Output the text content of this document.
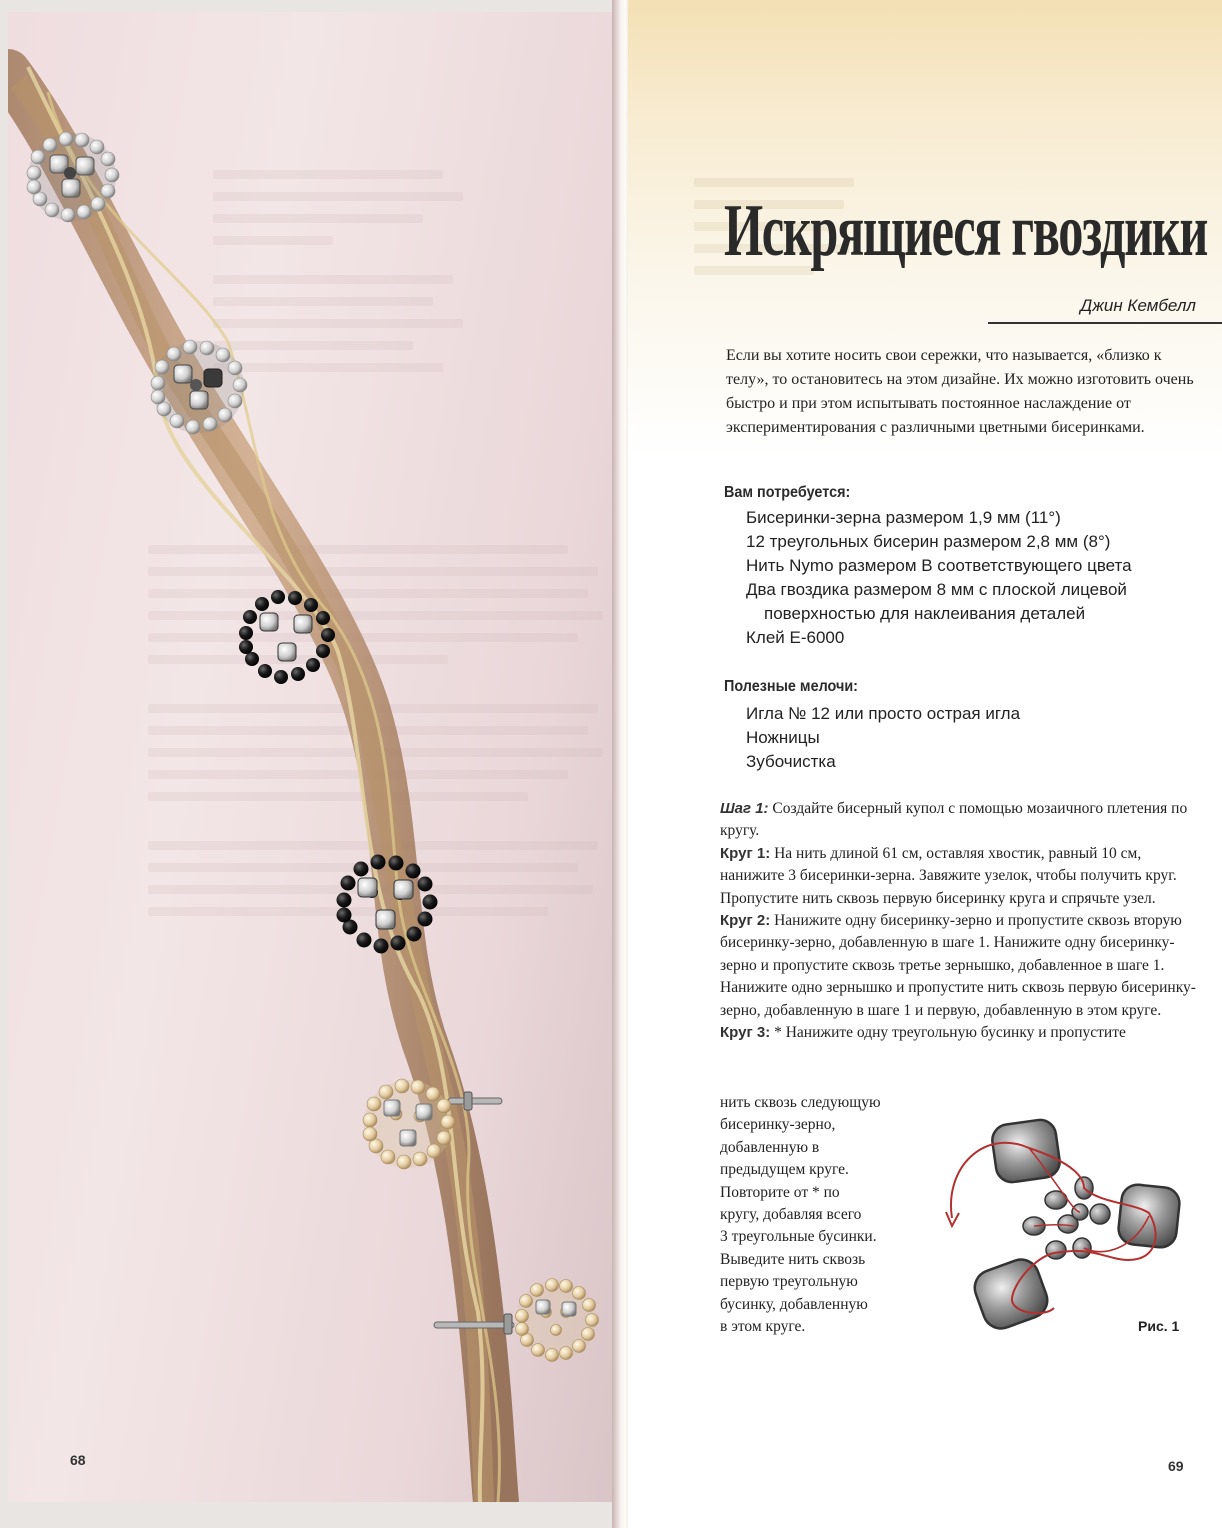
68
Искрящиеся гвоздики
Джин Кембелл

Если вы хотите носить свои сережки, что называется, «близко к телу», то остановитесь на этом дизайне. Их можно изготовить очень быстро и при этом испытывать постоянное наслаждение от экспериментирования с различными цветными бисеринками.

Вам потребуется:
Бисеринки-зерна размером 1,9 мм (11°)
12 треугольных бисерин размером 2,8 мм (8°)
Нить Nymo размером B соответствующего цвета
Два гвоздика размером 8 мм с плоской лицевой
поверхностью для наклеивания деталей
Клей E-6000
Полезные мелочи:
Игла № 12 или просто острая игла
Ножницы
Зубочистка

Шаг 1: Создайте бисерный купол с помощью мозаичного плетения по кругу.

Круг 1: На нить длиной 61 см, оставляя хвостик, равный 10 см, нанижите 3 бисеринки-зерна. Завяжите узелок, чтобы получить круг. Пропустите нить сквозь первую бисеринку круга и спрячьте узел.

Круг 2: Нанижите одну бисеринку-зерно и пропустите сквозь вторую бисеринку-зерно, добавленную в шаге 1. Нанижите одну бисеринку-зерно и пропустите сквозь третье зернышко, добавленное в шаге 1. Нанижите одно зернышко и пропустите нить сквозь первую бисеринку-зерно, добавленную в шаге 1 и первую, добавленную в этом круге.

Круг 3: * Нанижите одну треугольную бусинку и пропустите

нить сквозь следующую

бисеринку-зерно,

добавленную в

предыдущем круге.

Повторите от * по

кругу, добавляя всего

3 треугольные бусинки.

Выведите нить сквозь

первую треугольную

бусинку, добавленную

в этом круге.	Рис. 1
69
